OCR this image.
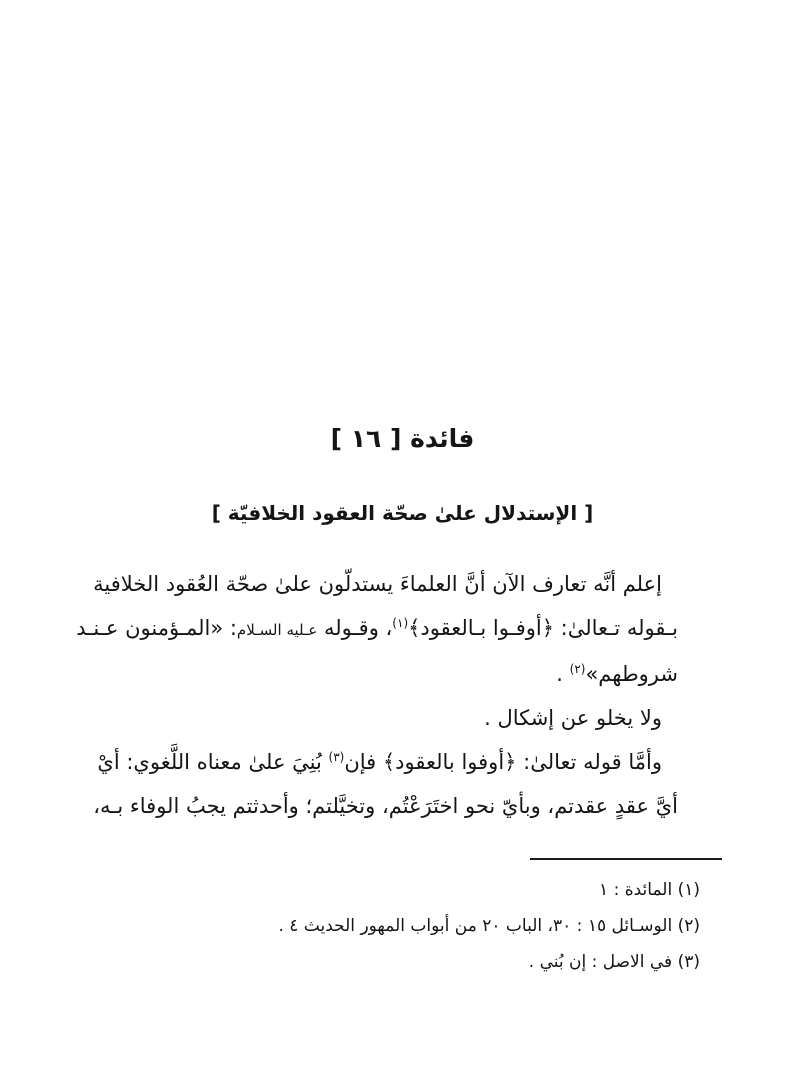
فائدة [ ١٦ ]
[ الإستدلال علىٰ صحّة العقود الخلافيّة ]
إعلم أنَّه تعارف الآن أنَّ العلماءَ يستدلّون علىٰ صحّة العُقود الخلافية
بـقوله تـعالىٰ: ﴿أوفـوا بـالعقود﴾$^{(١)}$، وقـوله عـليه السـلام: «المـؤمنون عـنـد
شروطهم»$^{(٢)}$ .
ولا يخلو عن إشكال .
وأمَّا قوله تعالىٰ: ﴿أوفوا بالعقود﴾ فإن$^{(٣)}$ بُنِيَ علىٰ معناه اللَّغوي: أيْ
أيَّ عقدٍ عقدتم، وبأيّ نحو اختَرَعْتُم، وتخيَّلتم؛ وأحدثتم يجبُ الوفاء بـه،
(١) المائدة : ١
(٢) الوسـائل ١٥ : ٣٠، الباب ٢٠ من أبواب المهور الحديث ٤ .
(٣) في الاصل : إن بُني .
